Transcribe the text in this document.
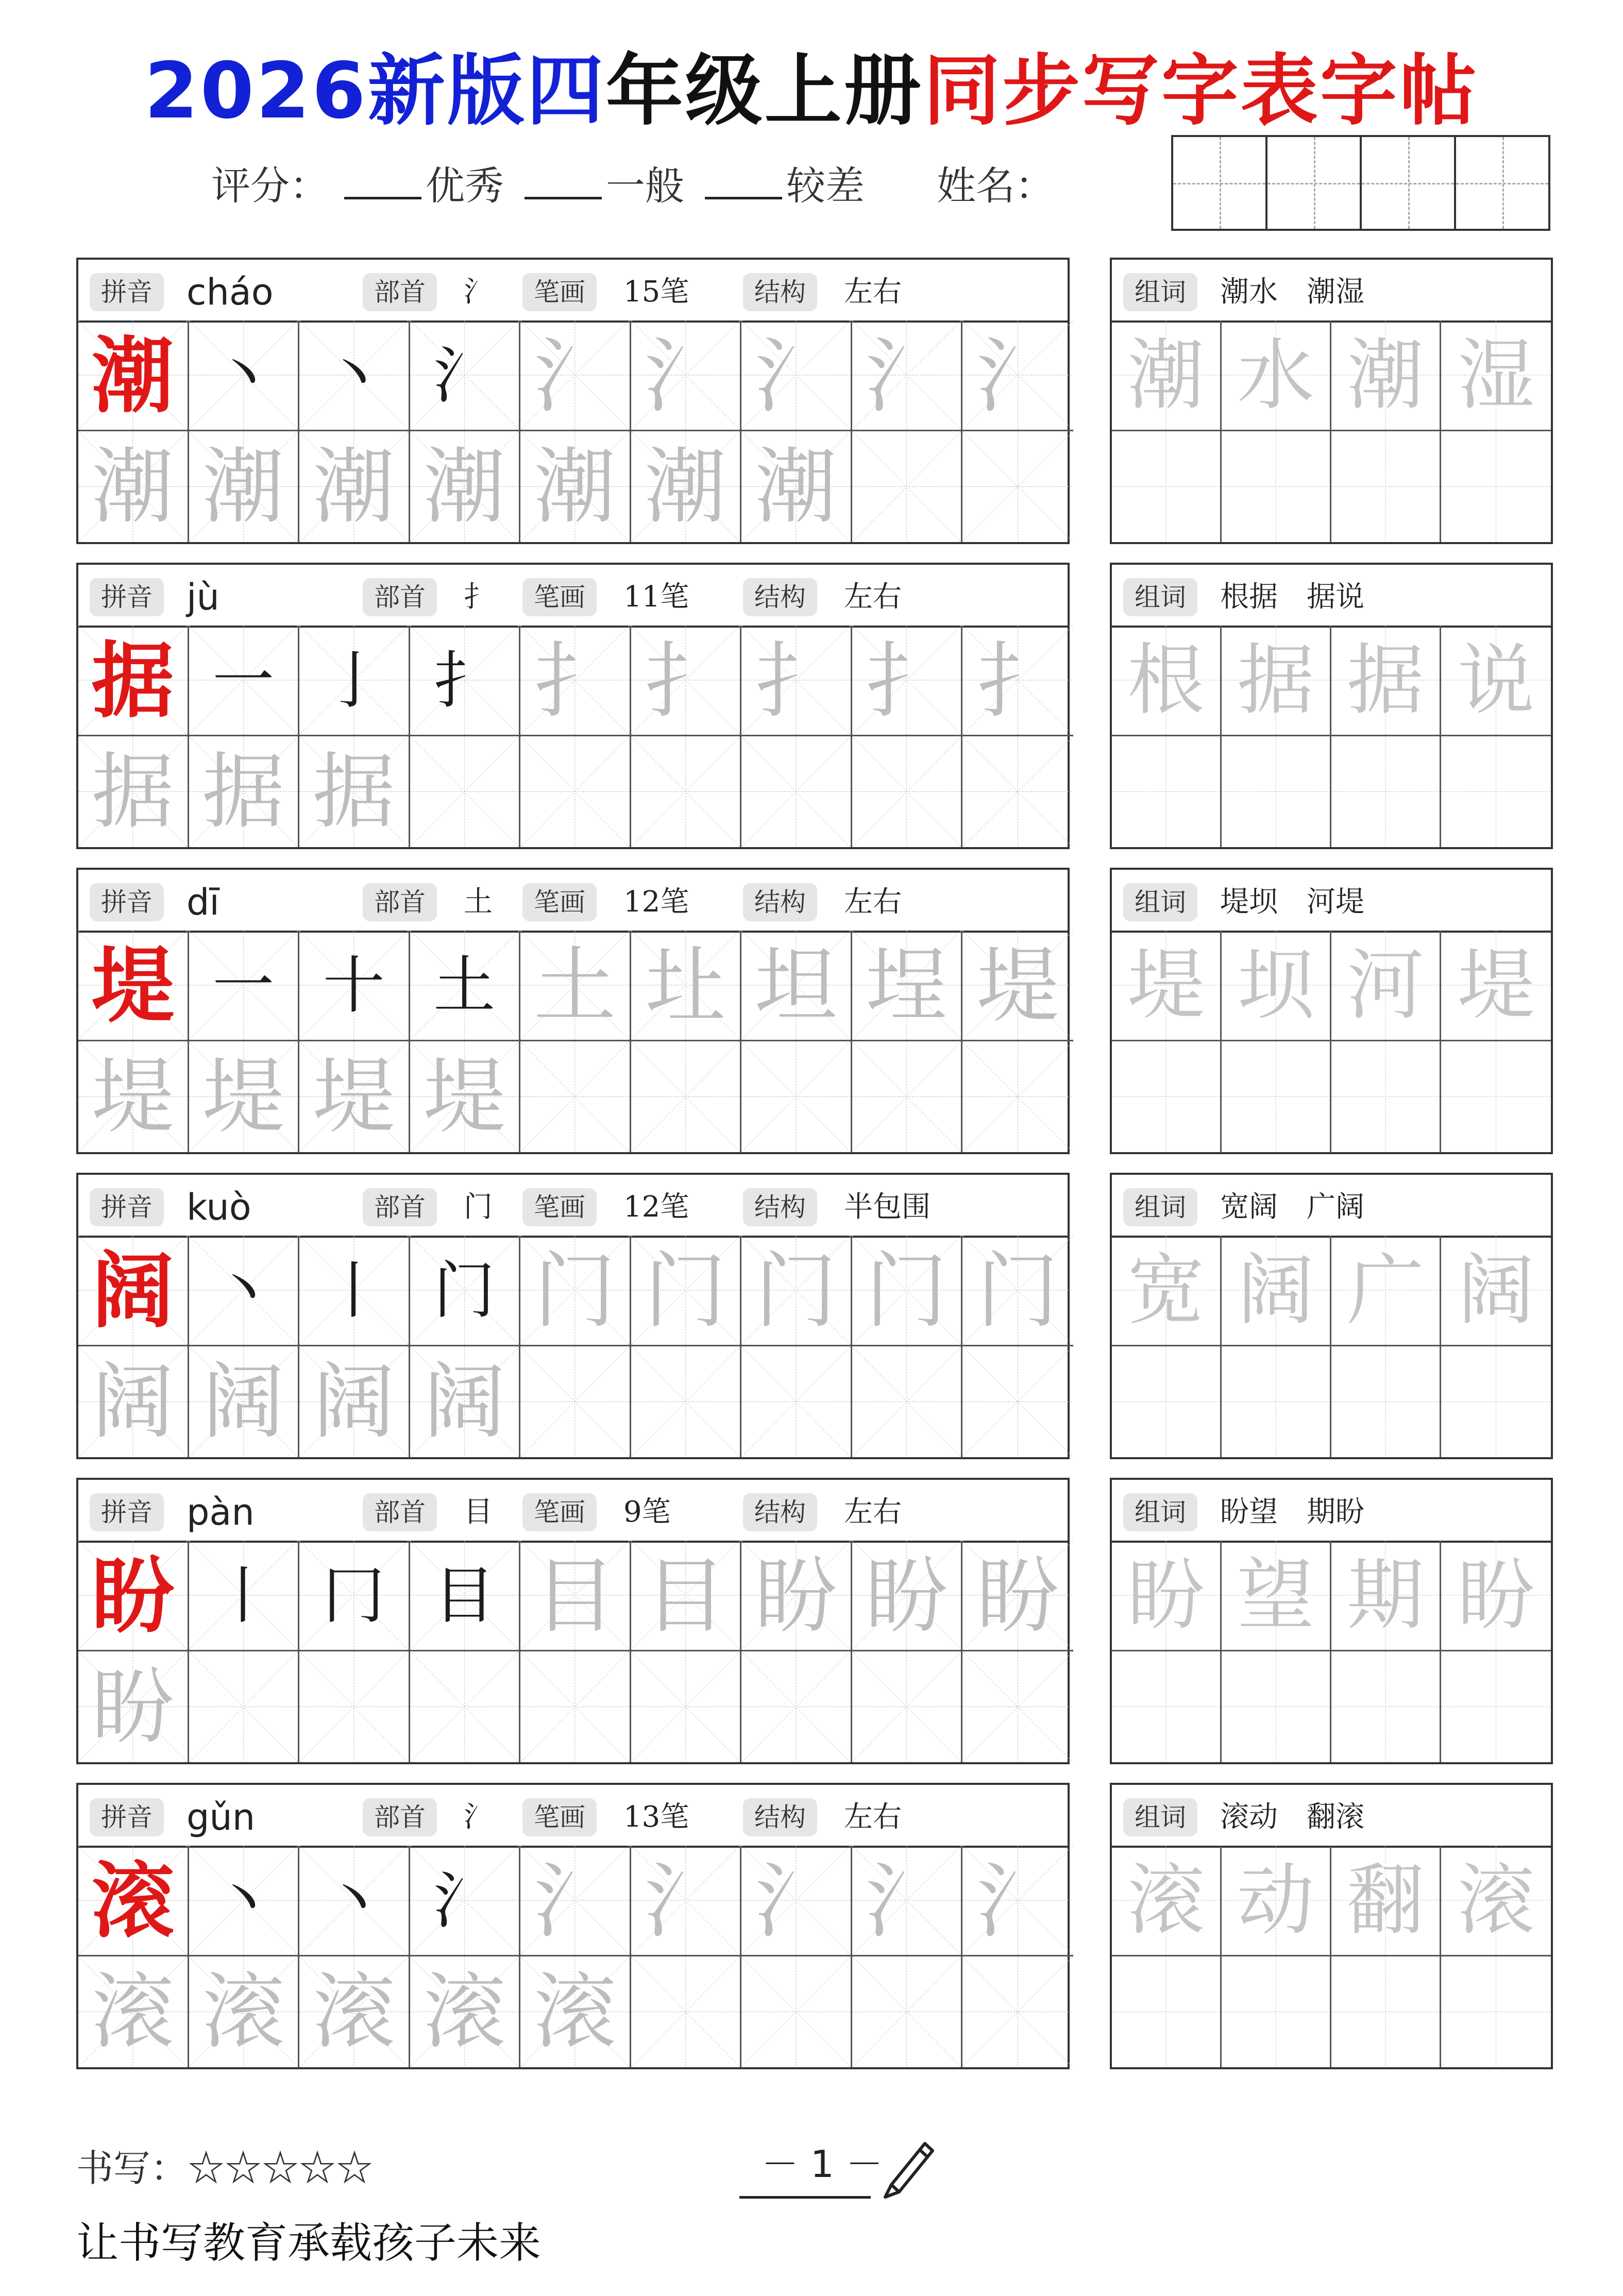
2026新版四年级上册同步写字表字帖
评分： 优秀	一般	较差 姓名：
拼音 cháo	部首	氵	笔画	15笔	结构	左右
潮 丶 丶 氵 氵 氵 氵 氵 氵
潮 潮 潮 潮 潮 潮 潮
组词	潮水　潮湿
潮 水 潮 湿
拼音 jù	部首	扌	笔画	11笔	结构	左右
据 一 亅 扌 扌 扌 扌 扌 扌
据 据 据
组词	根据　据说
根 据 据 说
拼音 dī	部首	土	笔画	12笔	结构	左右
堤 一 十 土 土 圵 坦 埕 堤
堤 堤 堤 堤
组词	堤坝　河堤
堤 坝 河 堤
拼音 kuò	部首	门	笔画	12笔	结构	半包围
阔 丶 丨 门 门 门 门 门 门
阔 阔 阔 阔
组词	宽阔　广阔
宽 阔 广 阔
拼音 pàn	部首	目	笔画	9笔	结构	左右
盼 丨 冂 目 目 目 盼 盼 盼
盼
组词	盼望　期盼
盼 望 期 盼
拼音 gǔn	部首	氵	笔画	13笔	结构	左右
滚 丶 丶 氵 氵 氵 氵 氵 氵
滚 滚 滚 滚 滚
组词	滚动　翻滚
滚 动 翻 滚
书写：☆☆☆☆☆	－ 1 －
让书写教育承载孩子未来
